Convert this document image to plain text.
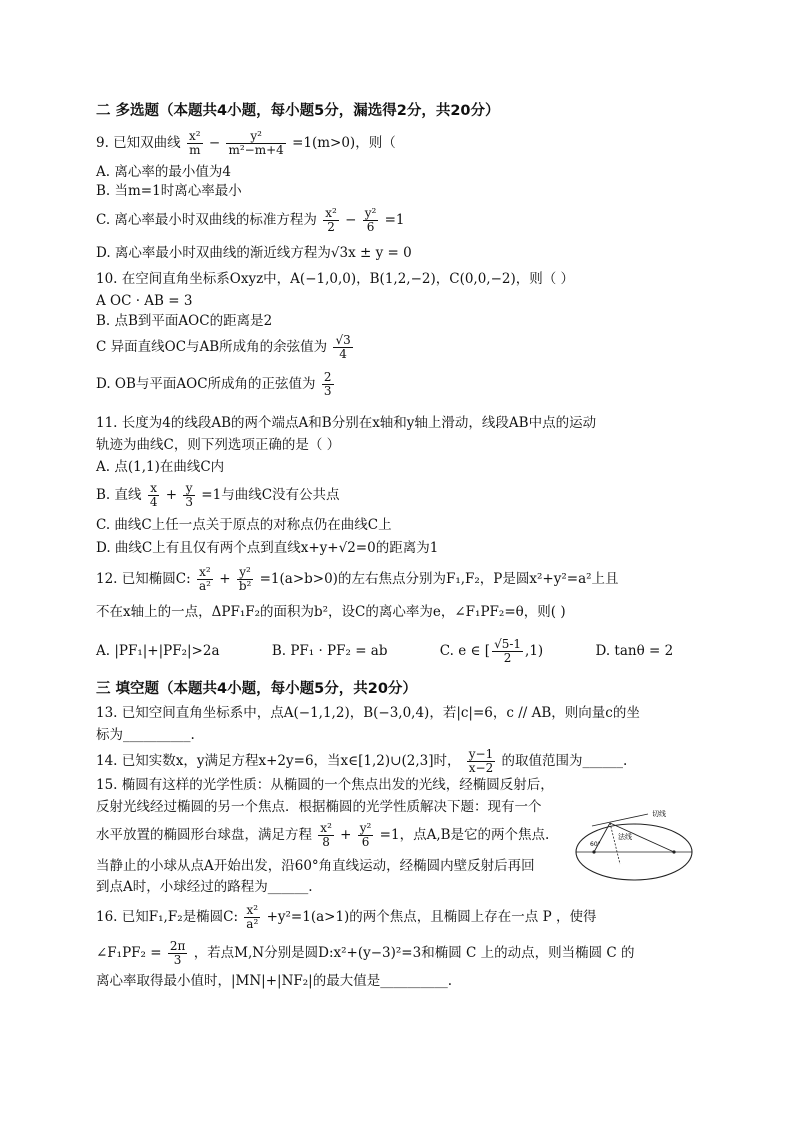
二 多选题（本题共4小题，每小题5分，漏选得2分，共20分）
9. 已知双曲线 $\frac{\text{x²}}{m} - \frac{\text{y²}}{\text{m²−m+4}} =1(m>0)$，则（
A. 离心率的最小值为4
B. 当m=1时离心率最小
C. 离心率最小时双曲线的标准方程为 $\frac{\text{x²}}{2} - \frac{\text{y²}}{6} =1$
D. 离心率最小时双曲线的渐近线方程为√3x ± y = 0
10. 在空间直角坐标系Oxyz中，A(−1,0,0)，B(1,2,−2)，C(0,0,−2)，则（ ）
A OC · AB = 3
B. 点B到平面AOC的距离是2
C 异面直线OC与AB所成角的余弦值为 $\frac{√3}{4}$
D. OB与平面AOC所成角的正弦值为 $\frac{2}{3}$
11. 长度为4的线段AB的两个端点A和B分别在x轴和y轴上滑动，线段AB中点的运动
轨迹为曲线C，则下列选项正确的是（ ）
A. 点(1,1)在曲线C内
B. 直线 $\frac{x}{4} + \frac{y}{3} =1$与曲线C没有公共点
C. 曲线C上任一点关于原点的对称点仍在曲线C上
D. 曲线C上有且仅有两个点到直线x+y+√2=0的距离为1
12. 已知椭圆C: $\frac{\text{x²}}{\text{a²}} + \frac{\text{y²}}{\text{b²}} =1(a>b>0)$的左右焦点分别为F₁,F₂，P是圆x²+y²=a²上且
不在x轴上的一点，ΔPF₁F₂的面积为b²，设C的离心率为e，∠F₁PF₂=θ，则( )
A. |PF₁|+|PF₂|>2a	B. PF₁ · PF₂ = ab	C. e ∈ [ $\frac{√5-1}{2} ,1$)	D. tanθ = 2
三 填空题（本题共4小题，每小题5分，共20分）
13. 已知空间直角坐标系中，点A(−1,1,2)，B(−3,0,4)，若|c|=6，c // AB，则向量c的坐
标为__________.
14. 已知实数x，y满足方程x+2y=6，当x∈[1,2)∪(2,3]时， $\frac{y-1}{x-2}$ 的取值范围为______.
15. 椭圆有这样的光学性质：从椭圆的一个焦点出发的光线，经椭圆反射后，
反射光线经过椭圆的另一个焦点．根据椭圆的光学性质解决下题：现有一个
水平放置的椭圆形台球盘，满足方程 $\frac{\text{x²}}{8} + \frac{\text{y²}}{6} =1$，点A,B是它的两个焦点.
当静止的小球从点A开始出发，沿60°角直线运动，经椭圆内壁反射后再回
到点A时，小球经过的路程为______.
切线
法线
60°
16. 已知F₁,F₂是椭圆C: $\frac{\text{x²}}{\text{a²}} +y^2=1(a>1)$的两个焦点，且椭圆上存在一点 P ，使得
∠F₁PF₂ = $\frac{2\pi}{3}$ ，若点M,N分别是圆D:x²+(y−3)²=3和椭圆 C 上的动点，则当椭圆 C 的
离心率取得最小值时，|MN|+|NF₂|的最大值是__________.
